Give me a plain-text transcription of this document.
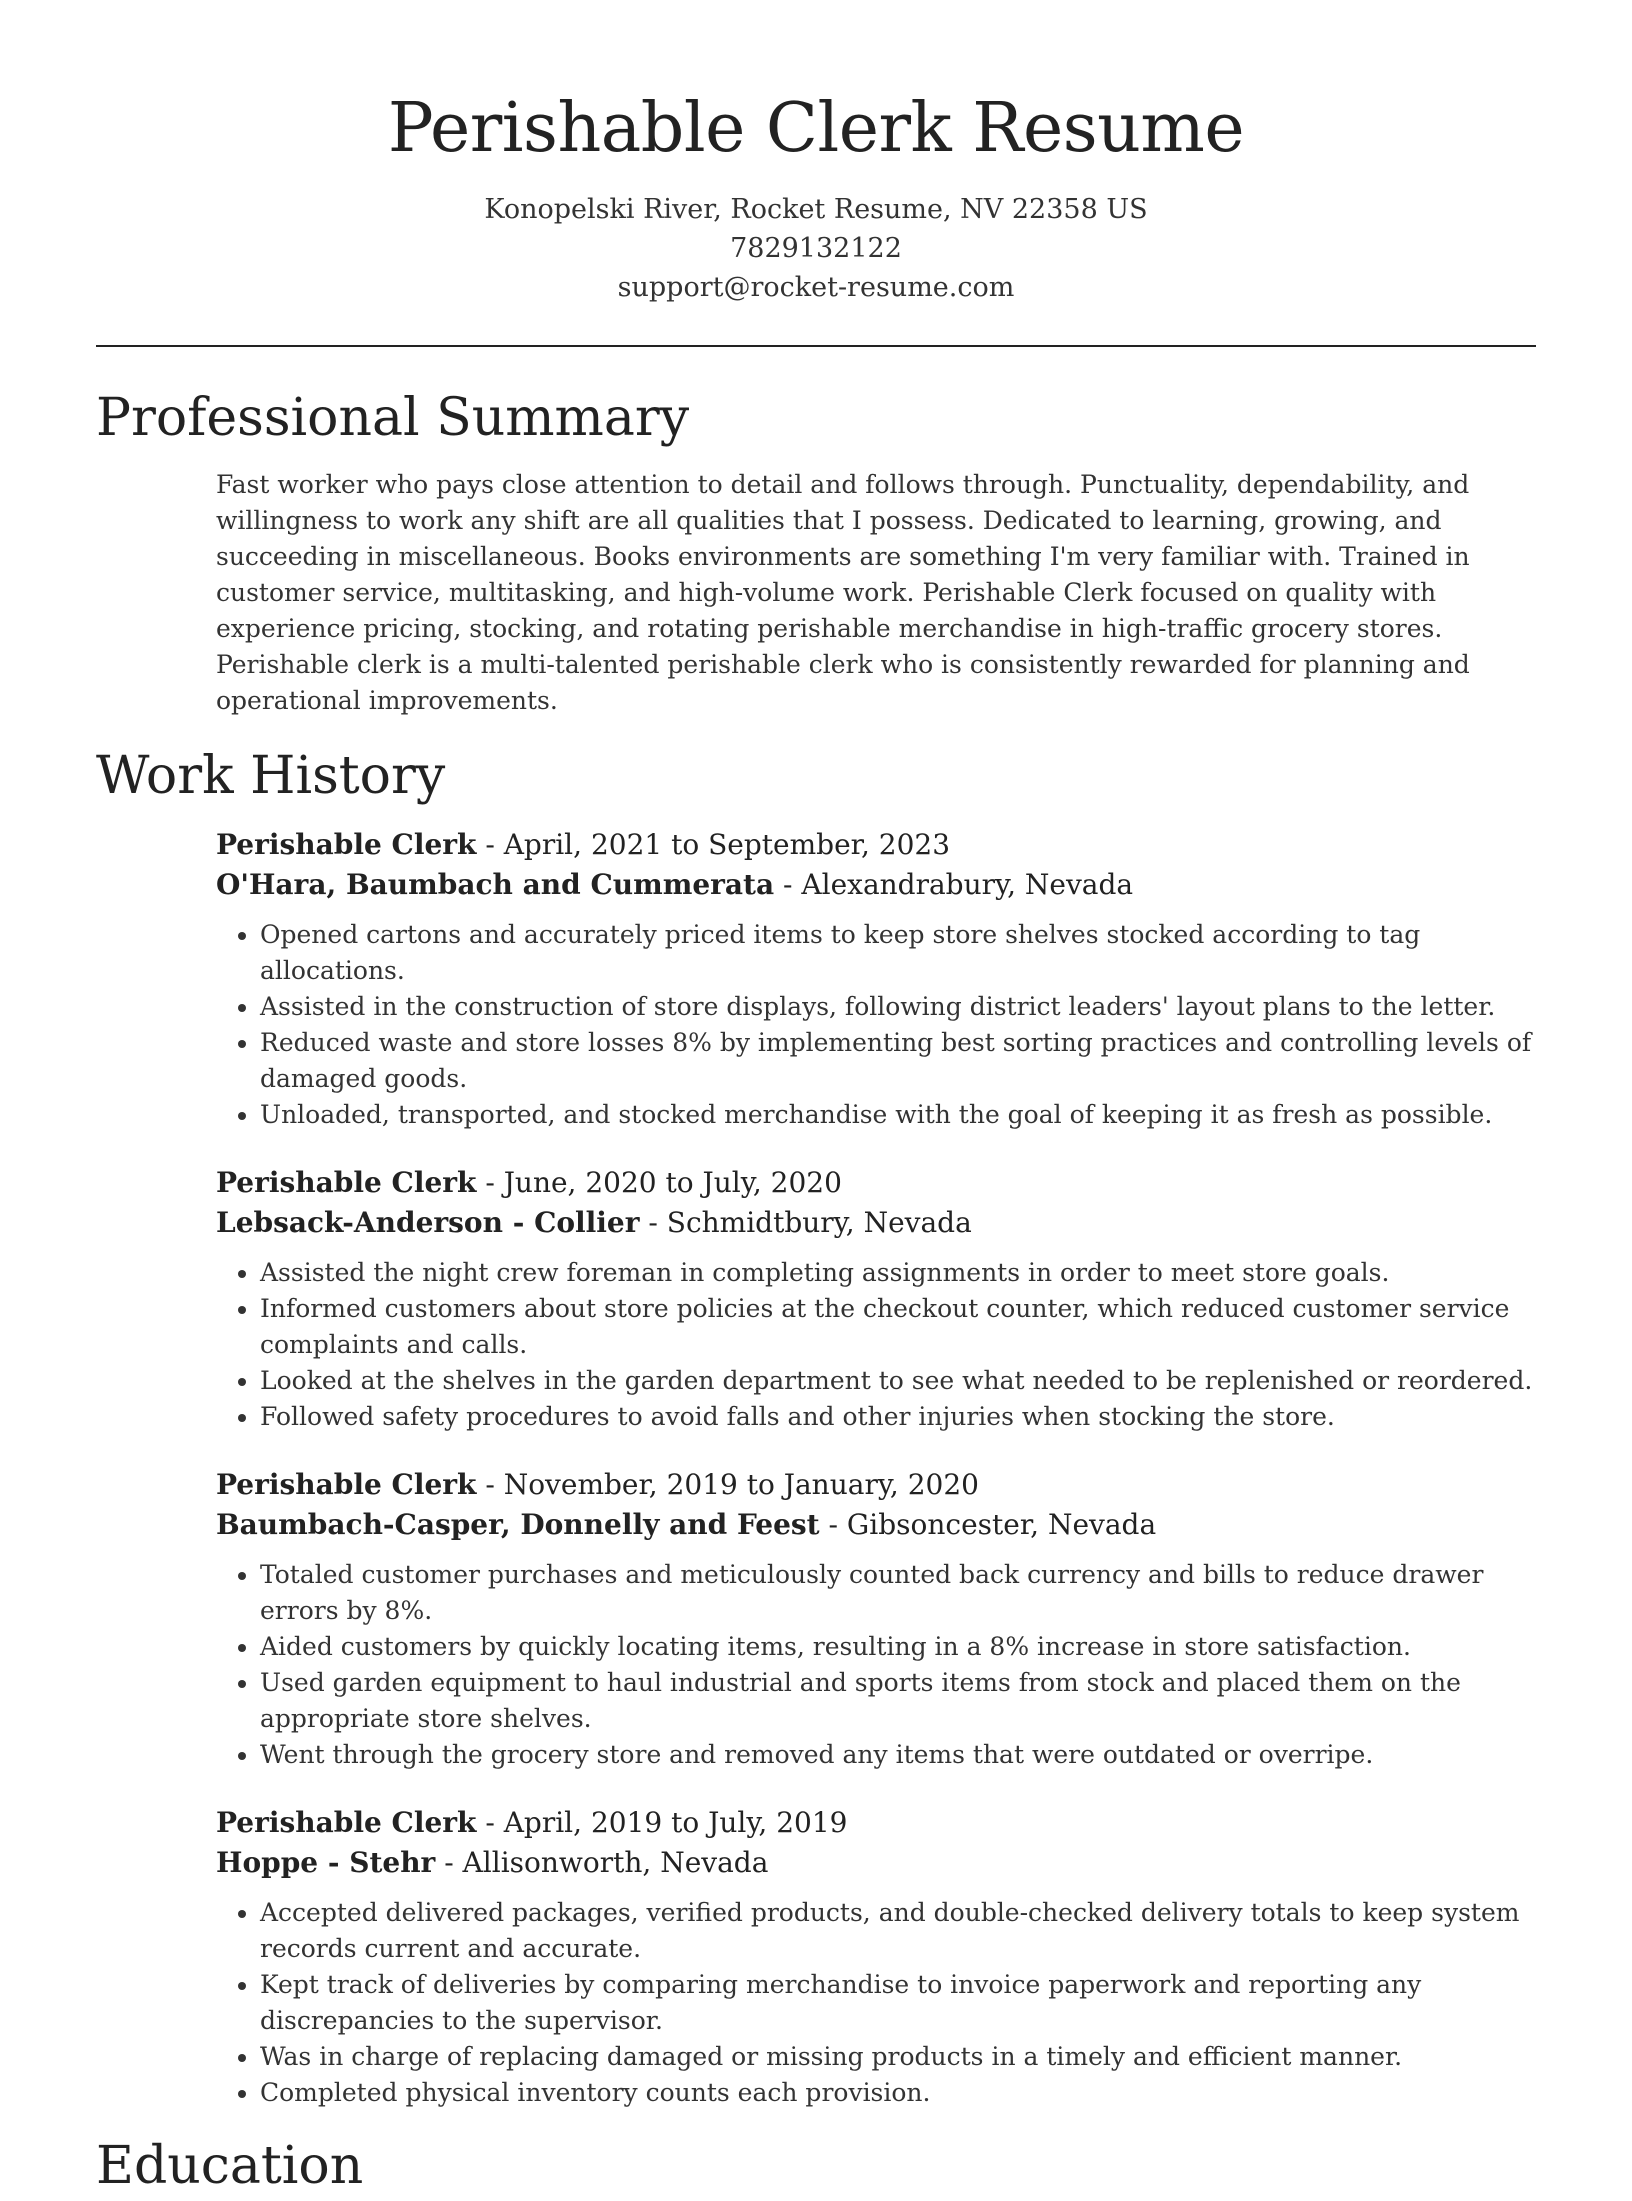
Perishable Clerk Resume
Konopelski River, Rocket Resume, NV 22358 US
7829132122
support@rocket-resume.com
Professional Summary
Fast worker who pays close attention to detail and follows through. Punctuality, dependability, and willingness to work any shift are all qualities that I possess. Dedicated to learning, growing, and succeeding in miscellaneous. Books environments are something I'm very familiar with. Trained in customer service, multitasking, and high-volume work. Perishable Clerk focused on quality with experience pricing, stocking, and rotating perishable merchandise in high-traffic grocery stores. Perishable clerk is a multi-talented perishable clerk who is consistently rewarded for planning and operational improvements.
Work History
Perishable Clerk - April, 2021 to September, 2023
O'Hara, Baumbach and Cummerata - Alexandrabury, Nevada
• Opened cartons and accurately priced items to keep store shelves stocked according to tag allocations.
• Assisted in the construction of store displays, following district leaders' layout plans to the letter.
• Reduced waste and store losses 8% by implementing best sorting practices and controlling levels of damaged goods.
• Unloaded, transported, and stocked merchandise with the goal of keeping it as fresh as possible.
Perishable Clerk - June, 2020 to July, 2020
Lebsack-Anderson - Collier - Schmidtbury, Nevada
• Assisted the night crew foreman in completing assignments in order to meet store goals.
• Informed customers about store policies at the checkout counter, which reduced customer service complaints and calls.
• Looked at the shelves in the garden department to see what needed to be replenished or reordered.
• Followed safety procedures to avoid falls and other injuries when stocking the store.
Perishable Clerk - November, 2019 to January, 2020
Baumbach-Casper, Donnelly and Feest - Gibsoncester, Nevada
• Totaled customer purchases and meticulously counted back currency and bills to reduce drawer errors by 8%.
• Aided customers by quickly locating items, resulting in a 8% increase in store satisfaction.
• Used garden equipment to haul industrial and sports items from stock and placed them on the appropriate store shelves.
• Went through the grocery store and removed any items that were outdated or overripe.
Perishable Clerk - April, 2019 to July, 2019
Hoppe - Stehr - Allisonworth, Nevada
• Accepted delivered packages, verified products, and double-checked delivery totals to keep system records current and accurate.
• Kept track of deliveries by comparing merchandise to invoice paperwork and reporting any discrepancies to the supervisor.
• Was in charge of replacing damaged or missing products in a timely and efficient manner.
• Completed physical inventory counts each provision.
Education
